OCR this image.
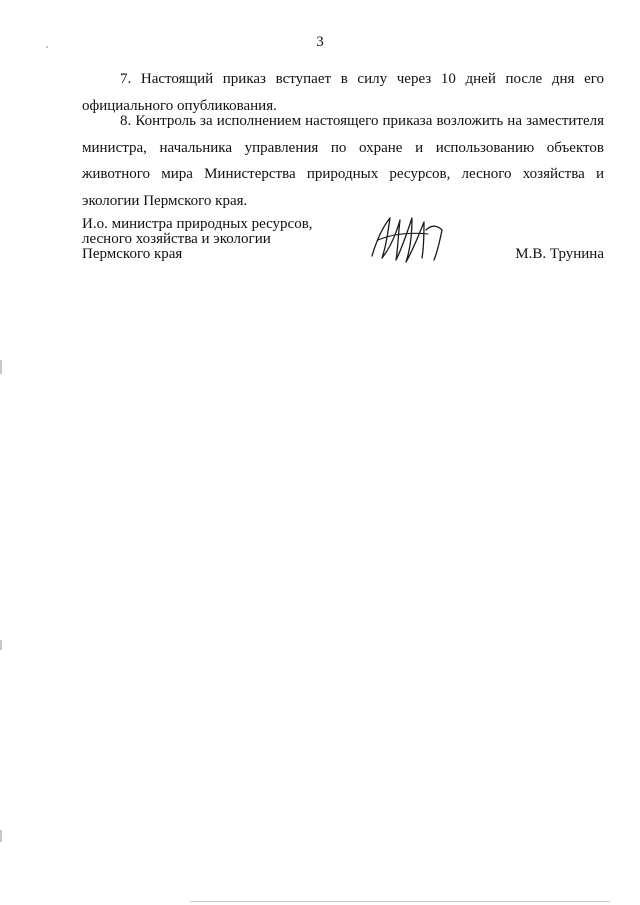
3
7. Настоящий приказ вступает в силу через 10 дней после дня его официального опубликования.
8. Контроль за исполнением настоящего приказа возложить на заместителя министра, начальника управления по охране и использованию объектов животного мира Министерства природных ресурсов, лесного хозяйства и экологии Пермского края.
И.о. министра природных ресурсов,
лесного хозяйства и экологии
Пермского края	М.В. Трунина
